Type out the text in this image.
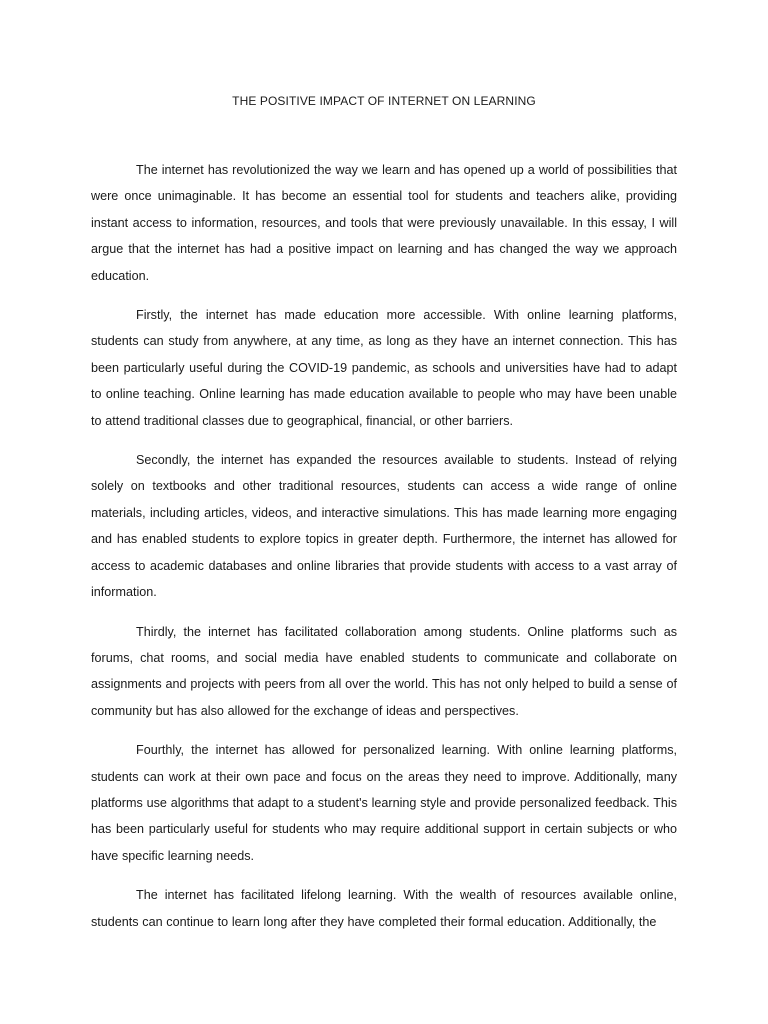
THE POSITIVE IMPACT OF INTERNET ON LEARNING

The internet has revolutionized the way we learn and has opened up a world of possibilities that were once unimaginable. It has become an essential tool for students and teachers alike, providing instant access to information, resources, and tools that were previously unavailable. In this essay, I will argue that the internet has had a positive impact on learning and has changed the way we approach education.

Firstly, the internet has made education more accessible. With online learning platforms, students can study from anywhere, at any time, as long as they have an internet connection. This has been particularly useful during the COVID-19 pandemic, as schools and universities have had to adapt to online teaching. Online learning has made education available to people who may have been unable to attend traditional classes due to geographical, financial, or other barriers.

Secondly, the internet has expanded the resources available to students. Instead of relying solely on textbooks and other traditional resources, students can access a wide range of online materials, including articles, videos, and interactive simulations. This has made learning more engaging and has enabled students to explore topics in greater depth. Furthermore, the internet has allowed for access to academic databases and online libraries that provide students with access to a vast array of information.

Thirdly, the internet has facilitated collaboration among students. Online platforms such as forums, chat rooms, and social media have enabled students to communicate and collaborate on assignments and projects with peers from all over the world. This has not only helped to build a sense of community but has also allowed for the exchange of ideas and perspectives.

Fourthly, the internet has allowed for personalized learning. With online learning platforms, students can work at their own pace and focus on the areas they need to improve. Additionally, many platforms use algorithms that adapt to a student's learning style and provide personalized feedback. This has been particularly useful for students who may require additional support in certain subjects or who have specific learning needs.

The internet has facilitated lifelong learning. With the wealth of resources available online, students can continue to learn long after they have completed their formal education. Additionally, the
